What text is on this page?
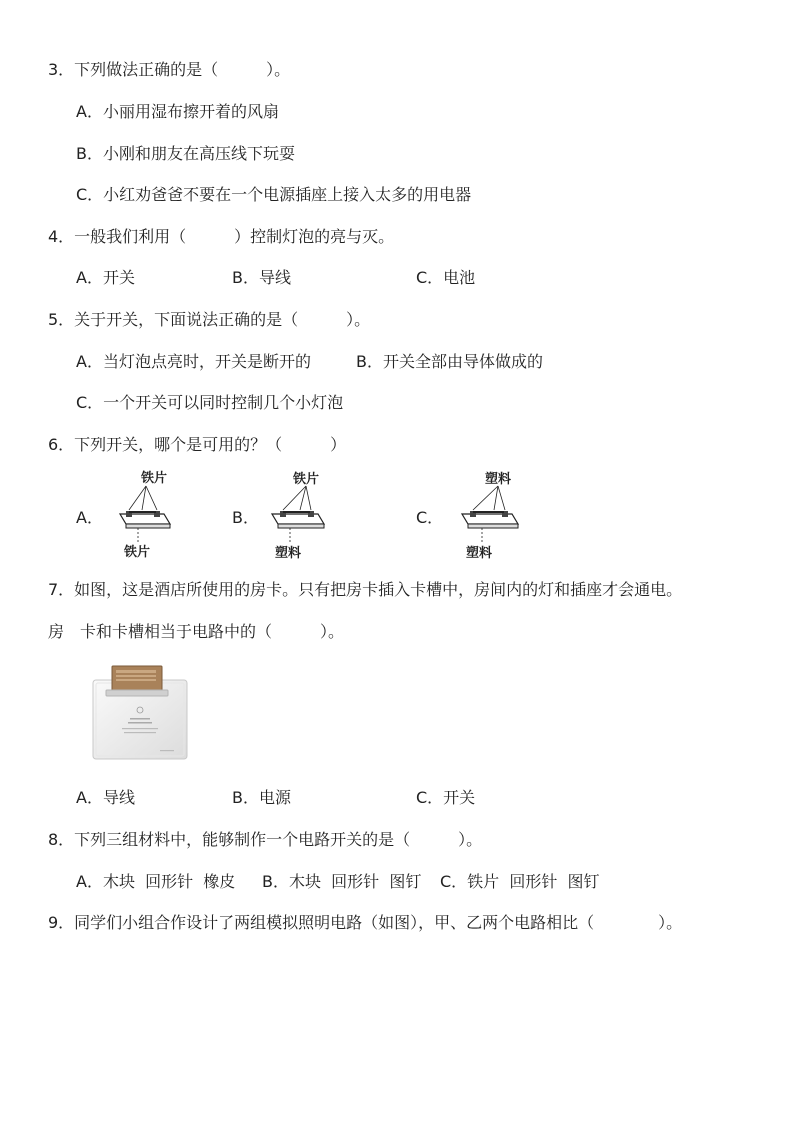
3．下列做法正确的是（　　　）。
A．小丽用湿布擦开着的风扇
B．小刚和朋友在高压线下玩耍
C．小红劝爸爸不要在一个电源插座上接入太多的用电器
4．一般我们利用（　　　）控制灯泡的亮与灭。
A．开关	B．导线	C．电池
5．关于开关，下面说法正确的是（　　　）。
A．当灯泡点亮时，开关是断开的	B．开关全部由导体做成的
C．一个开关可以同时控制几个小灯泡
6．下列开关，哪个是可用的？（　　　）
A．	B．	C．
铁片
铁片
铁片
塑料
塑料
塑料
7．如图，这是酒店所使用的房卡。只有把房卡插入卡槽中，房间内的灯和插座才会通电。
房　卡和卡槽相当于电路中的（　　　）。
A．导线	B．电源	C．开关
8．下列三组材料中，能够制作一个电路开关的是（　　　）。
A．木块  回形针  橡皮 B．木块  回形针  图钉 C．铁片  回形针  图钉
9．同学们小组合作设计了两组模拟照明电路（如图），甲、乙两个电路相比（　　　　）。
